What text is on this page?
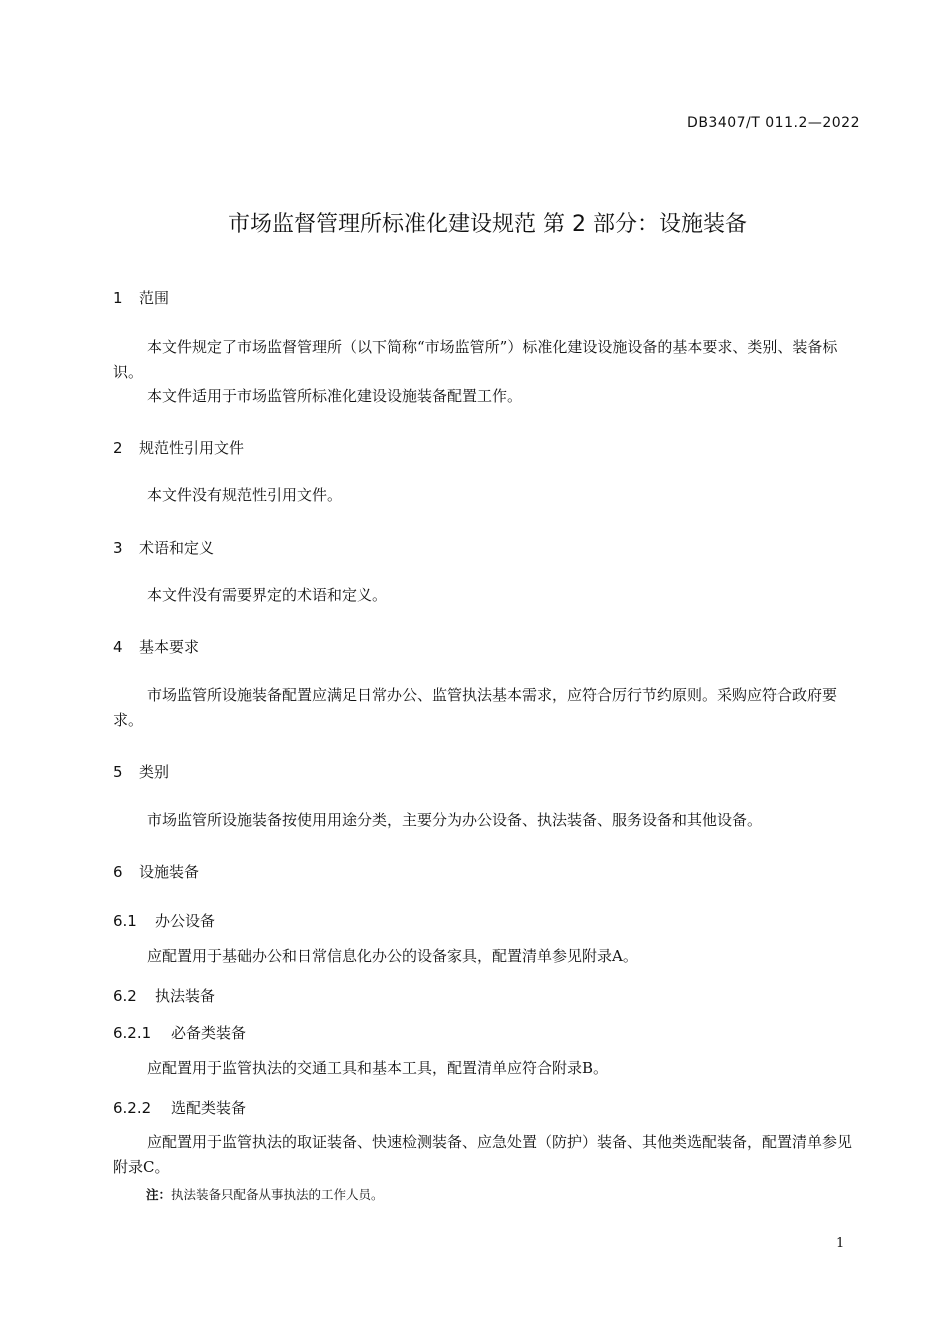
DB3407/T 011.2—2022
市场监督管理所标准化建设规范 第 2 部分：设施装备
1 范围
本文件规定了市场监督管理所（以下简称“市场监管所”）标准化建设设施设备的基本要求、类别、装备标识。
本文件适用于市场监管所标准化建设设施装备配置工作。
2 规范性引用文件
本文件没有规范性引用文件。
3 术语和定义
本文件没有需要界定的术语和定义。
4 基本要求
市场监管所设施装备配置应满足日常办公、监管执法基本需求，应符合厉行节约原则。采购应符合政府要求。
5 类别
市场监管所设施装备按使用用途分类，主要分为办公设备、执法装备、服务设备和其他设备。
6 设施装备
6.1 办公设备
应配置用于基础办公和日常信息化办公的设备家具，配置清单参见附录A。
6.2 执法装备
6.2.1 必备类装备
应配置用于监管执法的交通工具和基本工具，配置清单应符合附录B。
6.2.2 选配类装备
应配置用于监管执法的取证装备、快速检测装备、应急处置（防护）装备、其他类选配装备，配置清单参见附录C。
注：执法装备只配备从事执法的工作人员。
1
